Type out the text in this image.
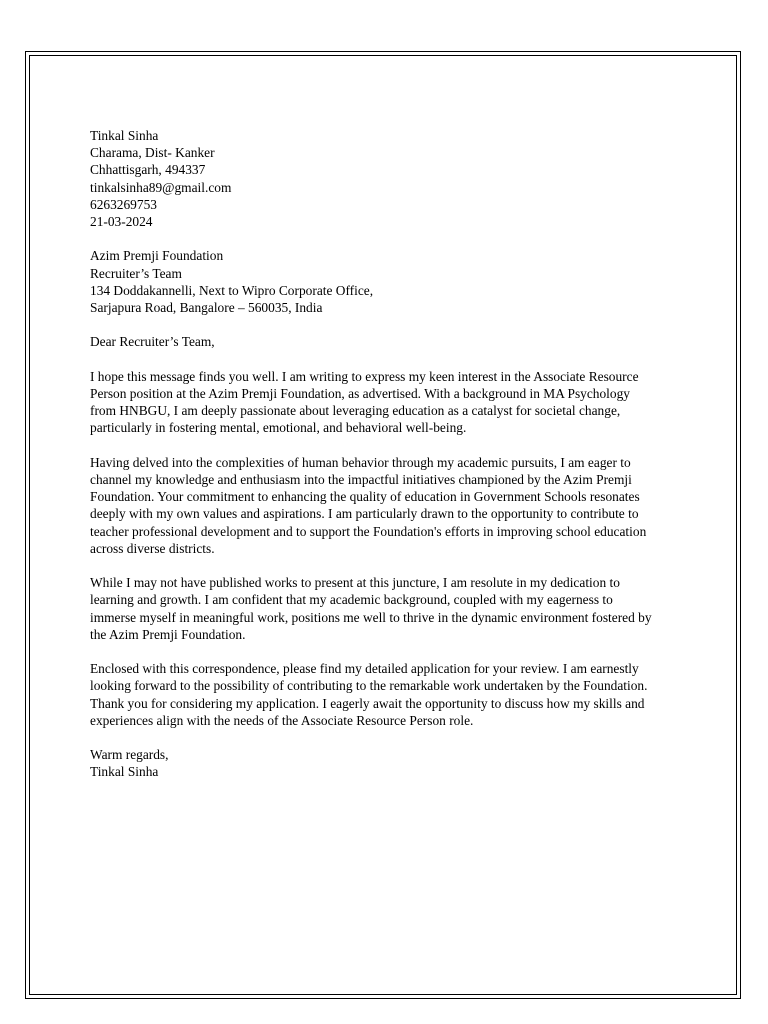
Tinkal Sinha
Charama, Dist- Kanker
Chhattisgarh, 494337
tinkalsinha89@gmail.com
6263269753
21-03-2024
Azim Premji Foundation
Recruiter’s Team
134 Doddakannelli, Next to Wipro Corporate Office,
Sarjapura Road, Bangalore – 560035, India
Dear Recruiter’s Team,
I hope this message finds you well. I am writing to express my keen interest in the Associate Resource
Person position at the Azim Premji Foundation, as advertised. With a background in MA Psychology
from HNBGU, I am deeply passionate about leveraging education as a catalyst for societal change,
particularly in fostering mental, emotional, and behavioral well-being.
Having delved into the complexities of human behavior through my academic pursuits, I am eager to
channel my knowledge and enthusiasm into the impactful initiatives championed by the Azim Premji
Foundation. Your commitment to enhancing the quality of education in Government Schools resonates
deeply with my own values and aspirations. I am particularly drawn to the opportunity to contribute to
teacher professional development and to support the Foundation's efforts in improving school education
across diverse districts.
While I may not have published works to present at this juncture, I am resolute in my dedication to
learning and growth. I am confident that my academic background, coupled with my eagerness to
immerse myself in meaningful work, positions me well to thrive in the dynamic environment fostered by
the Azim Premji Foundation.
Enclosed with this correspondence, please find my detailed application for your review. I am earnestly
looking forward to the possibility of contributing to the remarkable work undertaken by the Foundation.
Thank you for considering my application. I eagerly await the opportunity to discuss how my skills and
experiences align with the needs of the Associate Resource Person role.
Warm regards,
Tinkal Sinha
